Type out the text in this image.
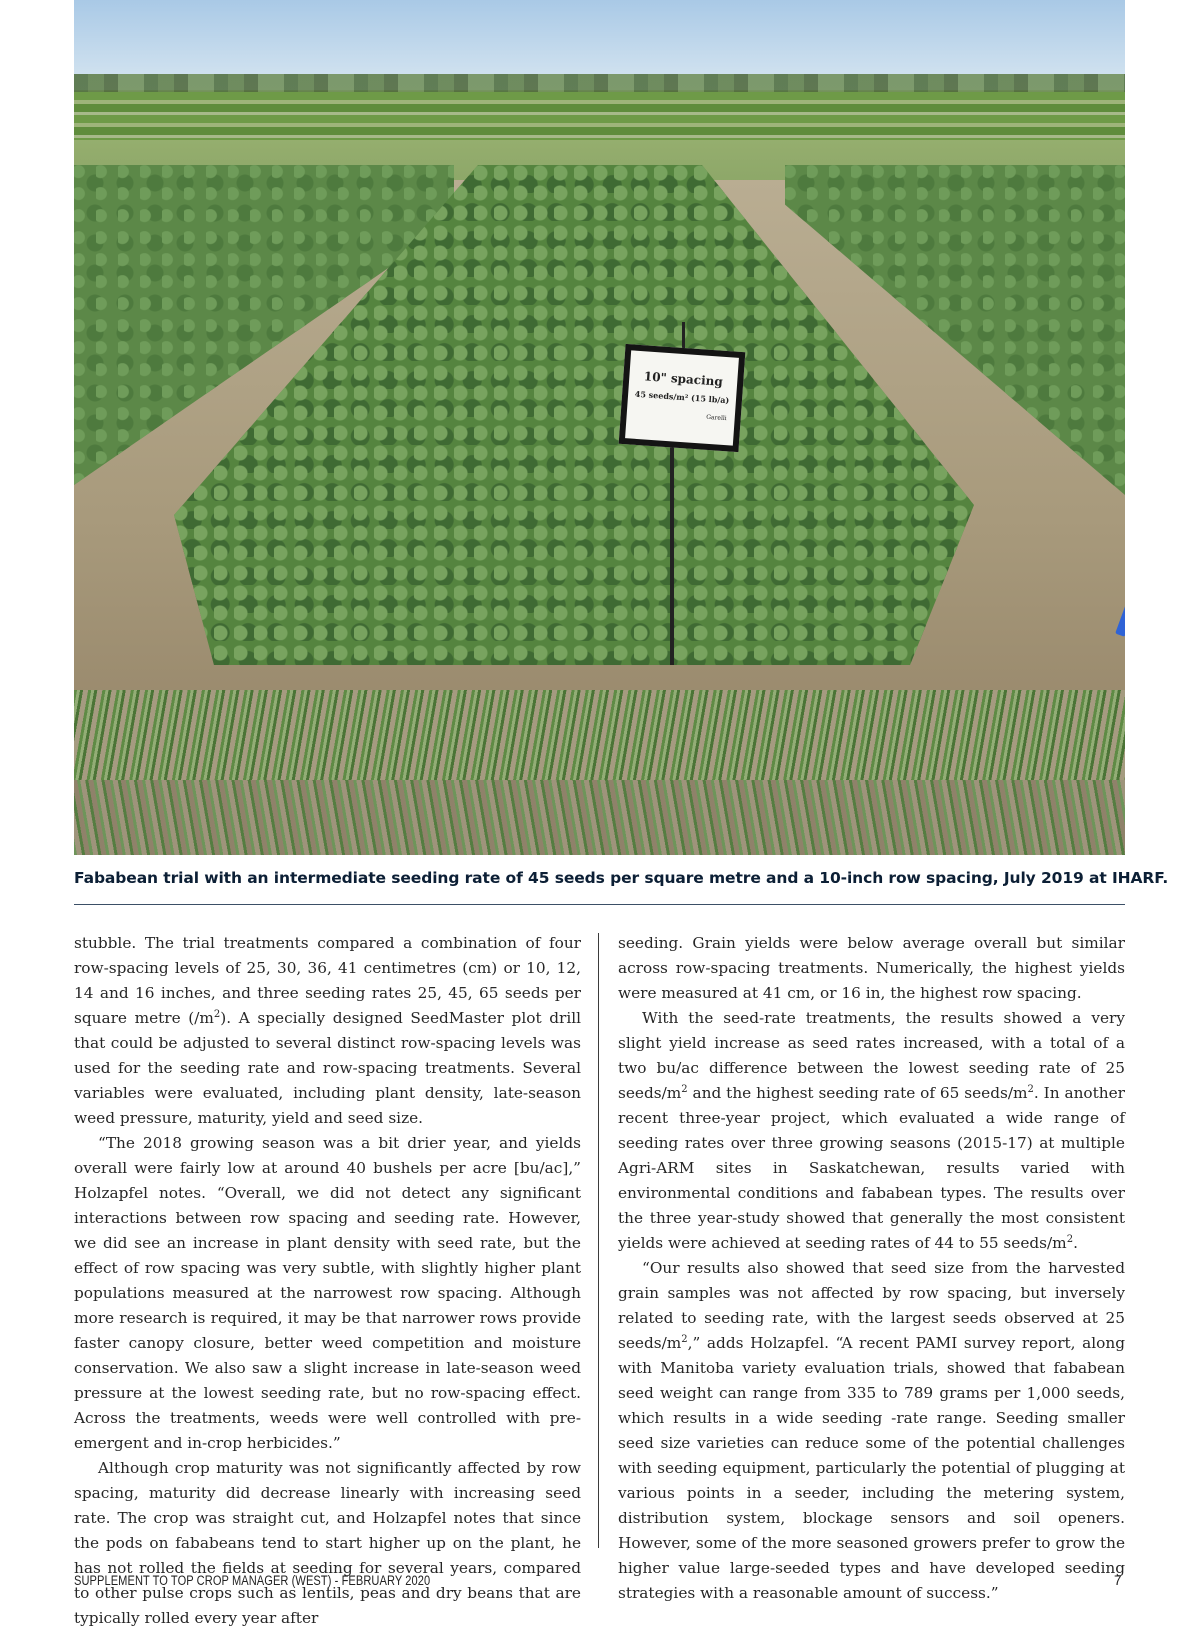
10" spacing
45 seeds/m² (15 lb/a)
Garelli
Fababean trial with an intermediate seeding rate of 45 seeds per square metre and a 10-inch row spacing, July 2019 at IHARF.

stubble. The trial treatments compared a combination of four row-spacing levels of 25, 30, 36, 41 centimetres (cm) or 10, 12, 14 and 16 inches, and three seeding rates 25, 45, 65 seeds per square metre $(/m^2)$. A specially designed SeedMaster plot drill that could be adjusted to several distinct row-spacing levels was used for the seeding rate and row-spacing treatments. Several variables were evaluated, including plant density, late-season weed pressure, maturity, yield and seed size.

“The 2018 growing season was a bit drier year, and yields overall were fairly low at around 40 bushels per acre [bu/ac],” Holzapfel notes. “Overall, we did not detect any significant interactions between row spacing and seeding rate. However, we did see an increase in plant density with seed rate, but the effect of row spacing was very subtle, with slightly higher plant populations measured at the narrowest row spacing. Although more research is required, it may be that narrower rows provide faster canopy closure, better weed competition and moisture conservation. We also saw a slight increase in late-season weed pressure at the lowest seeding rate, but no row-spacing effect. Across the treatments, weeds were well controlled with pre-emergent and in-crop herbicides.”

Although crop maturity was not significantly affected by row spacing, maturity did decrease linearly with increasing seed rate. The crop was straight cut, and Holzapfel notes that since the pods on fababeans tend to start higher up on the plant, he has not rolled the fields at seeding for several years, compared to other pulse crops such as lentils, peas and dry beans that are typically rolled every year after

seeding. Grain yields were below average overall but similar across row-spacing treatments. Numerically, the highest yields were measured at 41 cm, or 16 in, the highest row spacing.

With the seed-rate treatments, the results showed a very slight yield increase as seed rates increased, with a total of a two bu/ac difference between the lowest seeding rate of 25 seeds/$m^2$ and the highest seeding rate of 65 seeds/$m^2$. In another recent three-year project, which evaluated a wide range of seeding rates over three growing seasons (2015-17) at multiple Agri-ARM sites in Saskatchewan, results varied with environmental conditions and fababean types. The results over the three year-study showed that generally the most consistent yields were achieved at seeding rates of 44 to 55 seeds/$m^2$.

“Our results also showed that seed size from the harvested grain samples was not affected by row spacing, but inversely related to seeding rate, with the largest seeds observed at 25 seeds/$m^2$,” adds Holzapfel. “A recent PAMI survey report, along with Manitoba variety evaluation trials, showed that fababean seed weight can range from 335 to 789 grams per 1,000 seeds, which results in a wide seeding -rate range. Seeding smaller seed size varieties can reduce some of the potential challenges with seeding equipment, particularly the potential of plugging at various points in a seeder, including the metering system, distribution system, blockage sensors and soil openers. However, some of the more seasoned growers prefer to grow the higher value large-seeded types and have developed seeding strategies with a reasonable amount of success.”

SUPPLEMENT TO TOP CROP MANAGER (WEST) - FEBRUARY 2020	7
